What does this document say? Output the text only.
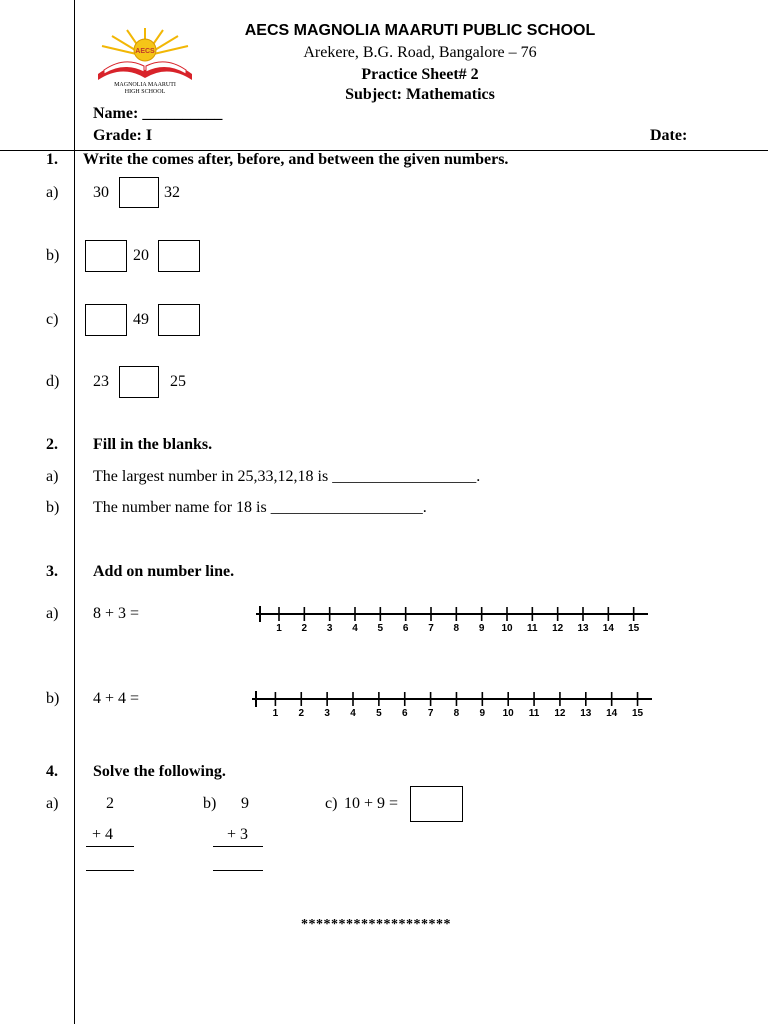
AECS
MAGNOLIA MAARUTI
HIGH SCHOOL
AECS MAGNOLIA MAARUTI PUBLIC SCHOOL
Arekere, B.G. Road, Bangalore – 76
Practice Sheet# 2
Subject: Mathematics
Name: __________
Grade: I	Date:
1. Write the comes after, before, and between the given numbers.
a) 30	32
b)	20
c)	49
d) 23	25
2. Fill in the blanks.
a) The largest number in 25,33,12,18 is __________________.
b) The number name for 18 is ___________________.
3. Add on number line.
a) 8 + 3 =
1 2 3 4 5 6 7 8 9 10 11 12 13 14 15
b) 4 + 4 =
1 2 3 4 5 6 7 8 9 10 11 12 13 14 15
4. Solve the following.
a)	2
+ 4
b) 9
+ 3
c) 10 + 9 =
********************
